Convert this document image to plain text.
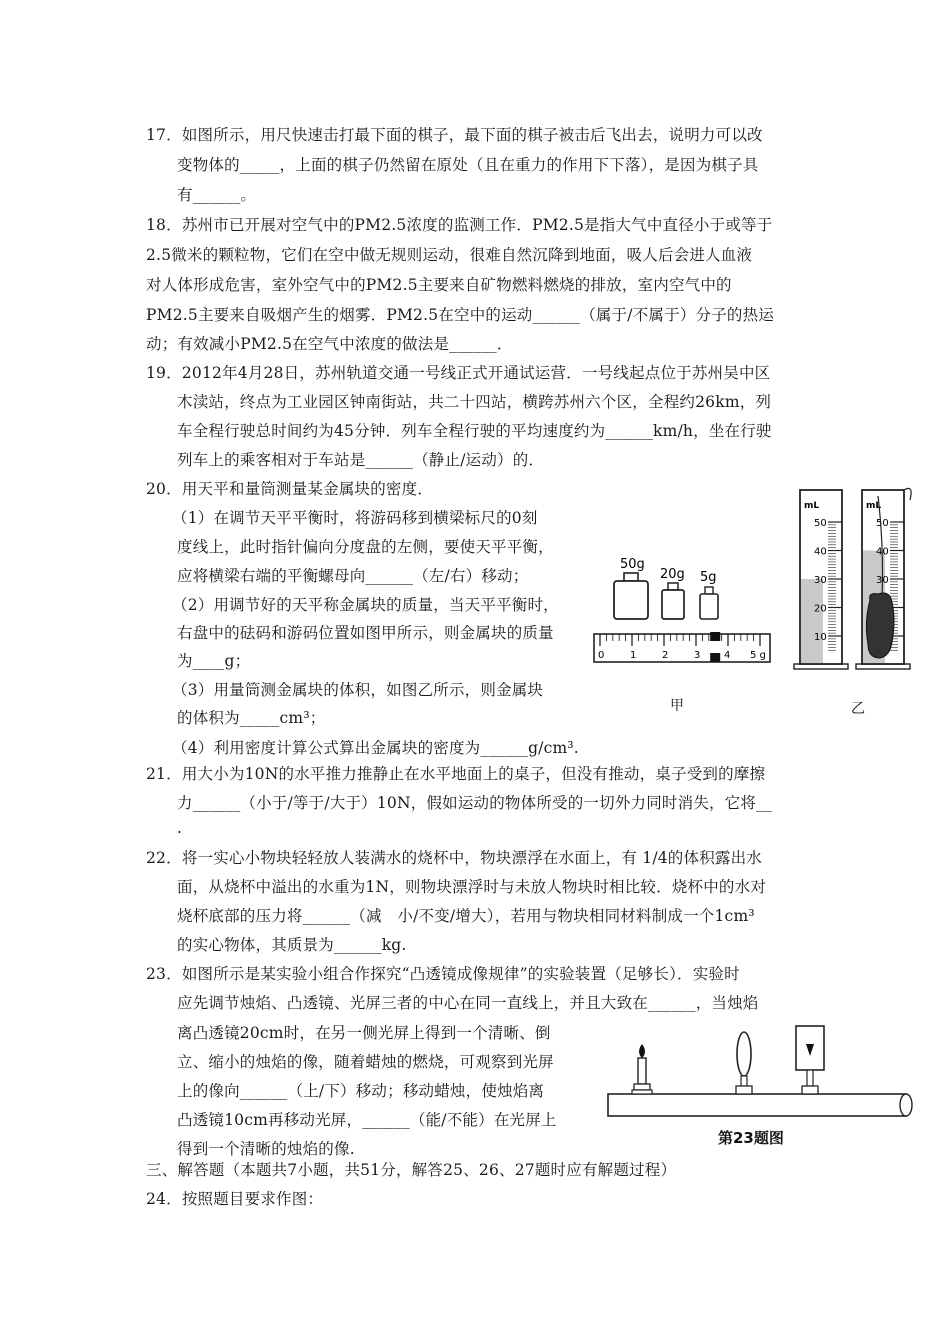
17．如图所示，用尺快速击打最下面的棋子，最下面的棋子被击后飞出去，说明力可以改
变物体的_____，上面的棋子仍然留在原处（且在重力的作用下下落），是因为棋子具
有______。
18．苏州市已开展对空气中的PM2.5浓度的监测工作．PM2.5是指大气中直径小于或等于
2.5微米的颗粒物，它们在空中做无规则运动，很难自然沉降到地面，吸人后会进人血液
对人体形成危害，室外空气中的PM2.5主要来自矿物燃料燃烧的排放，室内空气中的
PM2.5主要来自吸烟产生的烟雾．PM2.5在空中的运动______（属于/不属于）分子的热运
动；有效减小PM2.5在空气中浓度的做法是______．
19．2012年4月28日，苏州轨道交通一号线正式开通试运营．一号线起点位于苏州吴中区
木渎站，终点为工业园区钟南街站，共二十四站，横跨苏州六个区，全程约26km，列
车全程行驶总时间约为45分钟．列车全程行驶的平均速度约为______km/h，坐在行驶
列车上的乘客相对于车站是______（静止/运动）的．
20．用天平和量筒测量某金属块的密度．
（1）在调节天平平衡时，将游码移到横梁标尺的0刻
度线上，此时指针偏向分度盘的左侧，要使天平平衡，
应将横梁右端的平衡螺母向______（左/右）移动；
（2）用调节好的天平称金属块的质量，当天平平衡时，
右盘中的砝码和游码位置如图甲所示，则金属块的质量
为____g；
（3）用量筒测金属块的体积，如图乙所示，则金属块
的体积为_____cm³；
（4）利用密度计算公式算出金属块的密度为______g/cm³.
50g
20g 5g
0	1	2	3 4 5 g
甲
mL
50
40
30
20
10
mL
50
40
30
乙
21．用大小为10N的水平推力推静止在水平地面上的桌子，但没有推动，桌子受到的摩擦
力______（小于/等于/大于）10N，假如运动的物体所受的一切外力同时消失，它将__
.
22．将一实心小物块轻轻放人装满水的烧杯中，物块漂浮在水面上，有 1/4的体积露出水
面，从烧杯中溢出的水重为1N，则物块漂浮时与未放人物块时相比较．烧杯中的水对
烧杯底部的压力将______（减　小/不变/增大），若用与物块相同材料制成一个1cm³
的实心物体，其质景为______kg.
23．如图所示是某实验小组合作探究“凸透镜成像规律”的实验装置（足够长）．实验时
应先调节烛焰、凸透镜、光屏三者的中心在同一直线上，并且大致在______，当烛焰
离凸透镜20cm时，在另一侧光屏上得到一个清晰、倒
立、缩小的烛焰的像，随着蜡烛的燃烧，可观察到光屏
上的像向______（上/下）移动；移动蜡烛，使烛焰离
凸透镜10cm再移动光屏，______（能/不能）在光屏上
得到一个清晰的烛焰的像.
第23题图
三、解答题（本题共7小题，共51分，解答25、26、27题时应有解题过程）
24．按照题目要求作图：
